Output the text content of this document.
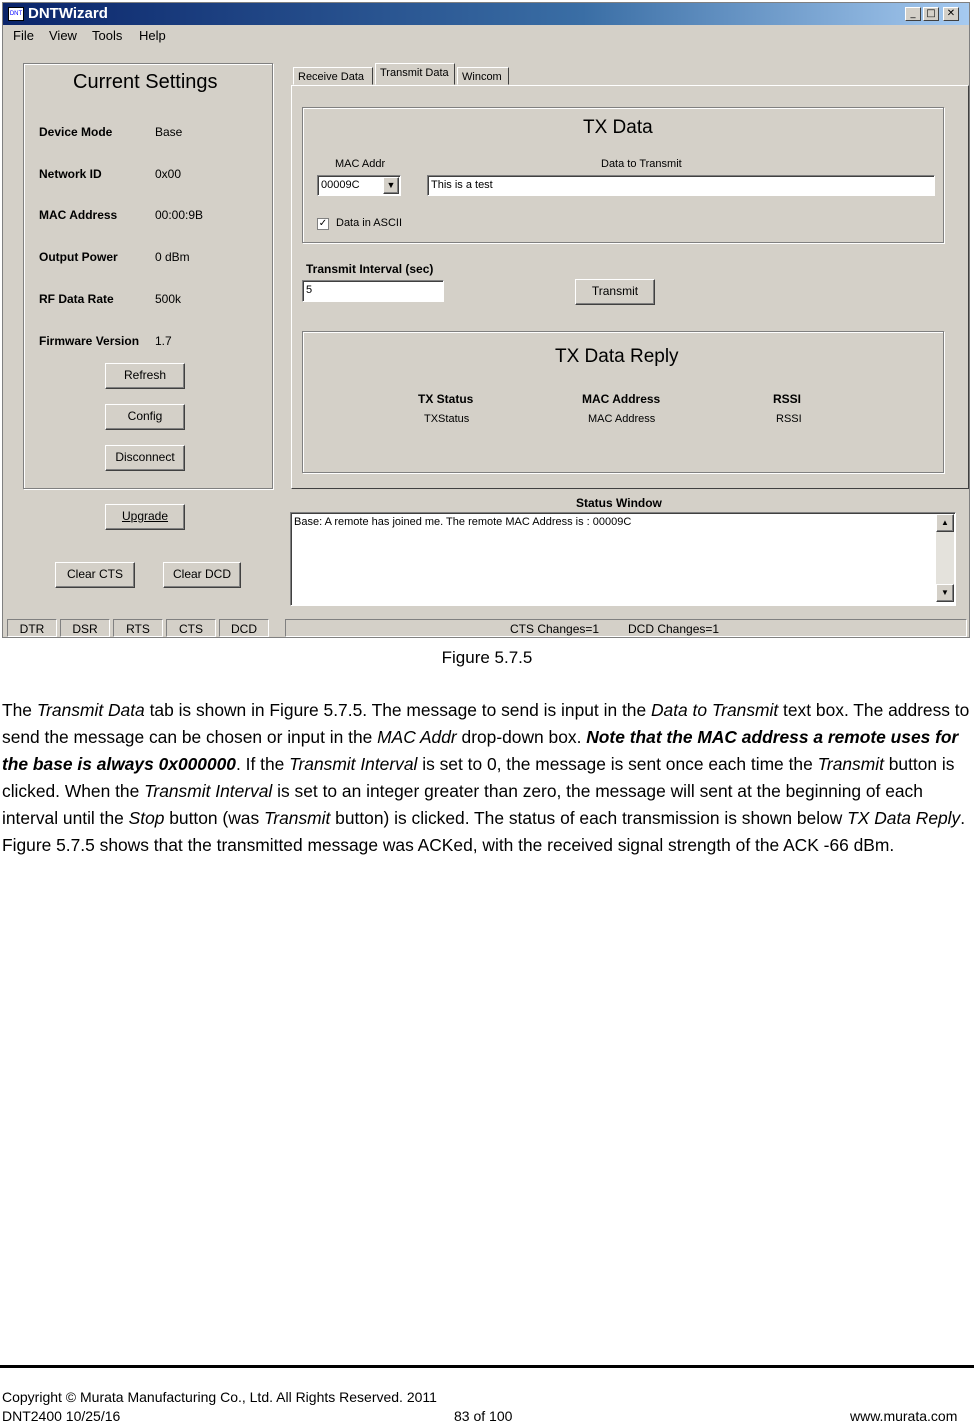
DNT DNTWizard	_	□	✕
File View Tools Help
Current Settings
Device Mode	Base
Network ID	0x00
MAC Address	00:00:9B
Output Power	0 dBm
RF Data Rate	500k
Firmware Version 1.7
Refresh
Config
Disconnect
Upgrade
Clear CTS	Clear DCD
Receive Data	Transmit Data	Wincom
TX Data
MAC Addr
00009C	▼
Data to Transmit
This is a test
✓ Data in ASCII
Transmit Interval (sec)
5	Transmit
TX Data Reply
TX Status	MAC Address	RSSI
TXStatus	MAC Address	RSSI
Status Window
Base: A remote has joined me. The remote MAC Address is : 00009C	▲
▼
DTR	DSR	RTS	CTS	DCD	CTS Changes=1 DCD Changes=1
Figure 5.7.5
The Transmit Data tab is shown in Figure 5.7.5. The message to send is input in the Data to Transmit text box. The address to send the message can be chosen or input in the MAC Addr drop-down box. Note that the MAC address a remote uses for the base is always 0x000000. If the Transmit Interval is set to 0, the message is sent once each time the Transmit button is clicked. When the Transmit Interval is set to an integer greater than zero, the message will sent at the beginning of each interval until the Stop button (was Transmit button) is clicked. The status of each transmission is shown below TX Data Reply. Figure 5.7.5 shows that the transmitted message was ACKed, with the received signal strength of the ACK -66 dBm.
Copyright © Murata Manufacturing Co., Ltd. All Rights Reserved. 2011
DNT2400 10/25/16	83 of 100	www.murata.com
